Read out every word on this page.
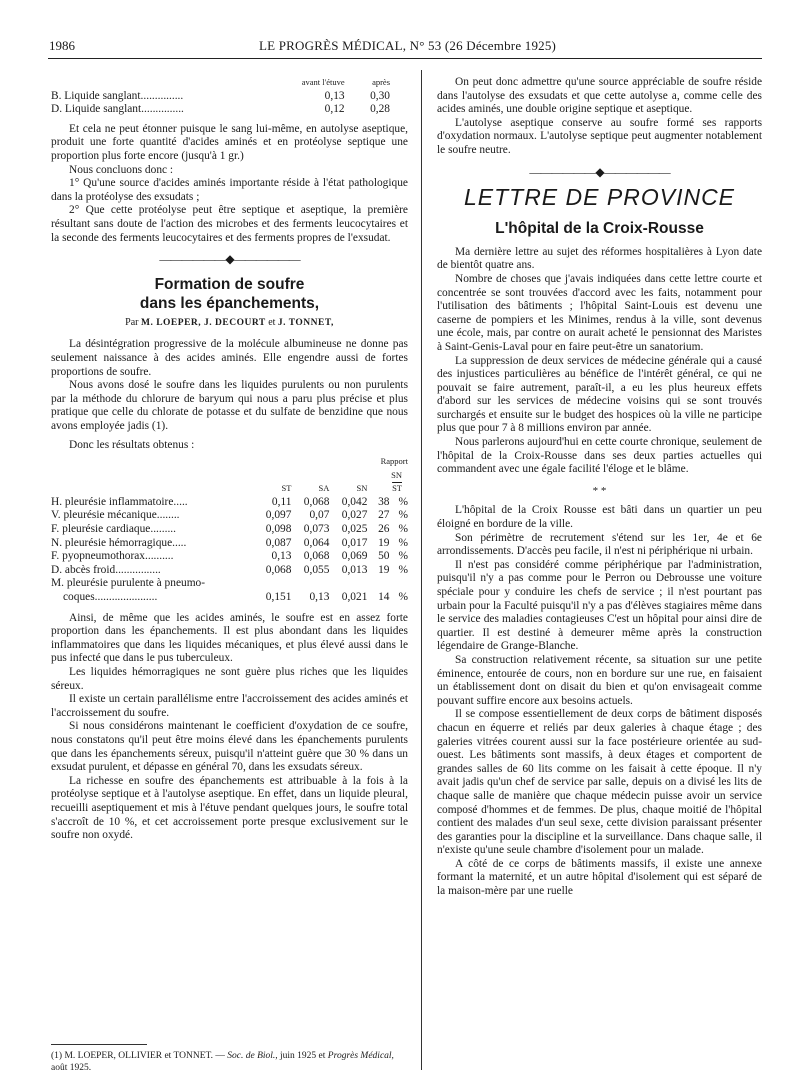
1986	LE PROGRÈS MÉDICAL, N° 53 (26 Décembre 1925)
	avant l'étuve	après
B. Liquide sanglant...............	0,13	0,30
D. Liquide sanglant...............	0,12	0,28

Et cela ne peut étonner puisque le sang lui-même, en autolyse aseptique, produit une forte quantité d'acides aminés et en protéolyse septique une proportion plus forte encore (jusqu'à 1 gr.)

Nous concluons donc :

1° Qu'une source d'acides aminés importante réside à l'état pathologique dans la protéolyse des exsudats ;

2° Que cette protéolyse peut être septique et aseptique, la première résultant sans doute de l'action des microbes et des ferments leucocytaires et la seconde des ferments leucocytaires et des ferments propres de l'exsudat.

——————◆——————
Formation de soufre
dans les épanchements,
Par M. LOEPER, J. DECOURT et J. TONNET,

La désintégration progressive de la molécule albumineuse ne donne pas seulement naissance à des acides aminés. Elle engendre aussi de fortes proportions de soufre.

Nous avons dosé le soufre dans les liquides purulents ou non purulents par la méthode du chlorure de baryum qui nous a paru plus précise et plus pratique que celle du chlorate de potasse et du sulfate de benzidine que nous avons employée jadis (1).

Donc les résultats obtenus :

				Rapport	
				SN	
	ST	SA	SN	$\overline{ST}$
H. pleurésie inflammatoire.....	0,11	0,068	0,042	38	%
V. pleurésie mécanique........	0,097	0,07	0,027	27	%
F. pleurésie cardiaque.........	0,098	0,073	0,025	26	%
N. pleurésie hémorragique.....	0,087	0,064	0,017	19	%
F. pyopneumothorax..........	0,13	0,068	0,069	50	%
D. abcès froid................	0,068	0,055	0,013	19	%
M. pleurésie purulente à pneumo-					
coques......................	0,151	0,13	0,021	14	%

Ainsi, de même que les acides aminés, le soufre est en assez forte proportion dans les épanchements. Il est plus abondant dans les liquides inflammatoires que dans les liquides mécaniques, et plus élevé aussi dans le pus infecté que dans le pus tuberculeux.

Les liquides hémorragiques ne sont guère plus riches que les liquides séreux.

Il existe un certain parallélisme entre l'accroissement des acides aminés et l'accroissement du soufre.

Si nous considérons maintenant le coefficient d'oxydation de ce soufre, nous constatons qu'il peut être moins élevé dans les épanchements purulents que dans les épanchements séreux, puisqu'il n'atteint guère que 30 % dans un exsudat purulent, et dépasse en général 70, dans les exsudats séreux.

La richesse en soufre des épanchements est attribuable à la fois à la protéolyse septique et à l'autolyse aseptique. En effet, dans un liquide pleural, recueilli aseptiquement et mis à l'étuve pendant quelques jours, le soufre total s'accroît de 10 %, et cet accroissement porte presque exclusivement sur le soufre non oxydé.

(1) M. LOEPER, OLLIVIER et TONNET. — Soc. de Biol., juin 1925 et Progrès Médical, août 1925.

On peut donc admettre qu'une source appréciable de soufre réside dans l'autolyse des exsudats et que cette autolyse a, comme celle des acides aminés, une double origine septique et aseptique.

L'autolyse aseptique conserve au soufre formé ses rapports d'oxydation normaux. L'autolyse septique peut augmenter notablement le soufre neutre.

——————◆——————
LETTRE DE PROVINCE
L'hôpital de la Croix-Rousse

Ma dernière lettre au sujet des réformes hospitalières à Lyon date de bientôt quatre ans.

Nombre de choses que j'avais indiquées dans cette lettre courte et concentrée se sont trouvées d'accord avec les faits, notamment pour l'utilisation des bâtiments ; l'hôpital Saint-Louis est devenu une caserne de pompiers et les Minimes, rendus à la ville, sont devenus une école, mais, par contre on aurait acheté le pensionnat des Maristes à Saint-Genis-Laval pour en faire peut-être un sanatorium.

La suppression de deux services de médecine générale qui a causé des injustices particulières au bénéfice de l'intérêt général, ce qui ne pouvait se faire autrement, paraît-il, a eu les plus heureux effets d'abord sur les services de médecine voisins qui se sont trouvés surchargés et ensuite sur le budget des hospices où la ville ne participe plus que pour 7 à 8 millions environ par année.

Nous parlerons aujourd'hui en cette courte chronique, seulement de l'hôpital de la Croix-Rousse dans ses deux parties actuelles qui commandent avec une égale facilité l'éloge et le blâme.

* *

L'hôpital de la Croix Rousse est bâti dans un quartier un peu éloigné en bordure de la ville.

Son périmètre de recrutement s'étend sur les 1er, 4e et 6e arrondissements. D'accès peu facile, il n'est ni périphérique ni urbain.

Il n'est pas considéré comme périphérique par l'administration, puisqu'il n'y a pas comme pour le Perron ou Debrousse une voiture spéciale pour y conduire les chefs de service ; il n'est pourtant pas urbain pour la Faculté puisqu'il n'y a pas d'élèves stagiaires même dans le service des maladies contagieuses C'est un hôpital pour ainsi dire de quartier. Il est destiné à demeurer même après la construction légendaire de Grange-Blanche.

Sa construction relativement récente, sa situation sur une petite éminence, entourée de cours, non en bordure sur une rue, en faisaient un établissement dont on disait du bien et qu'on envisageait comme pouvant suffire encore aux besoins actuels.

Il se compose essentiellement de deux corps de bâtiment disposés chacun en équerre et reliés par deux galeries à chaque étage ; des galeries vitrées courent aussi sur la face postérieure orientée au sud-ouest. Les bâtiments sont massifs, à deux étages et comportent de grandes salles de 60 lits comme on les faisait à cette époque. Il n'y avait jadis qu'un chef de service par salle, depuis on a divisé les lits de chaque salle de manière que chaque médecin puisse avoir un service composé d'hommes et de femmes. De plus, chaque moitié de l'hôpital contient des malades d'un seul sexe, cette division paraissant présenter des garanties pour la discipline et la surveillance. Dans chaque salle, il n'existe qu'une seule chambre d'isolement pour un malade.

A côté de ce corps de bâtiments massifs, il existe une annexe formant la maternité, et un autre hôpital d'isolement qui est séparé de la maison-mère par une ruelle
